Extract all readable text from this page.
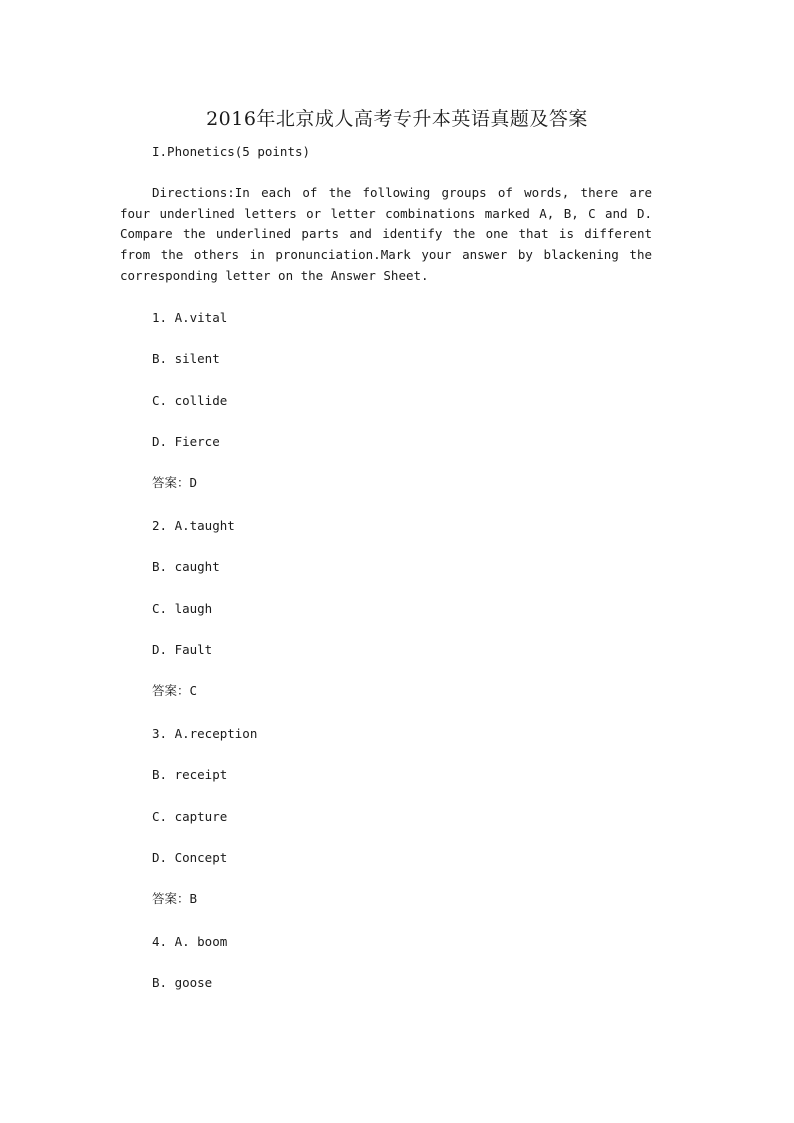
2016年北京成人高考专升本英语真题及答案
I.Phonetics(5 points)
Directions:In each of the following groups of words, there are four underlined letters or letter combinations marked A, B, C and D. Compare the underlined parts and identify the one that is different from the others in pronunciation.Mark your answer by blackening the corresponding letter on the Answer Sheet.
1. A.vital
B. silent
C. collide
D. Fierce
答案：D
2. A.taught
B. caught
C. laugh
D. Fault
答案：C
3. A.reception
B. receipt
C. capture
D. Concept
答案：B
4. A. boom
B. goose
